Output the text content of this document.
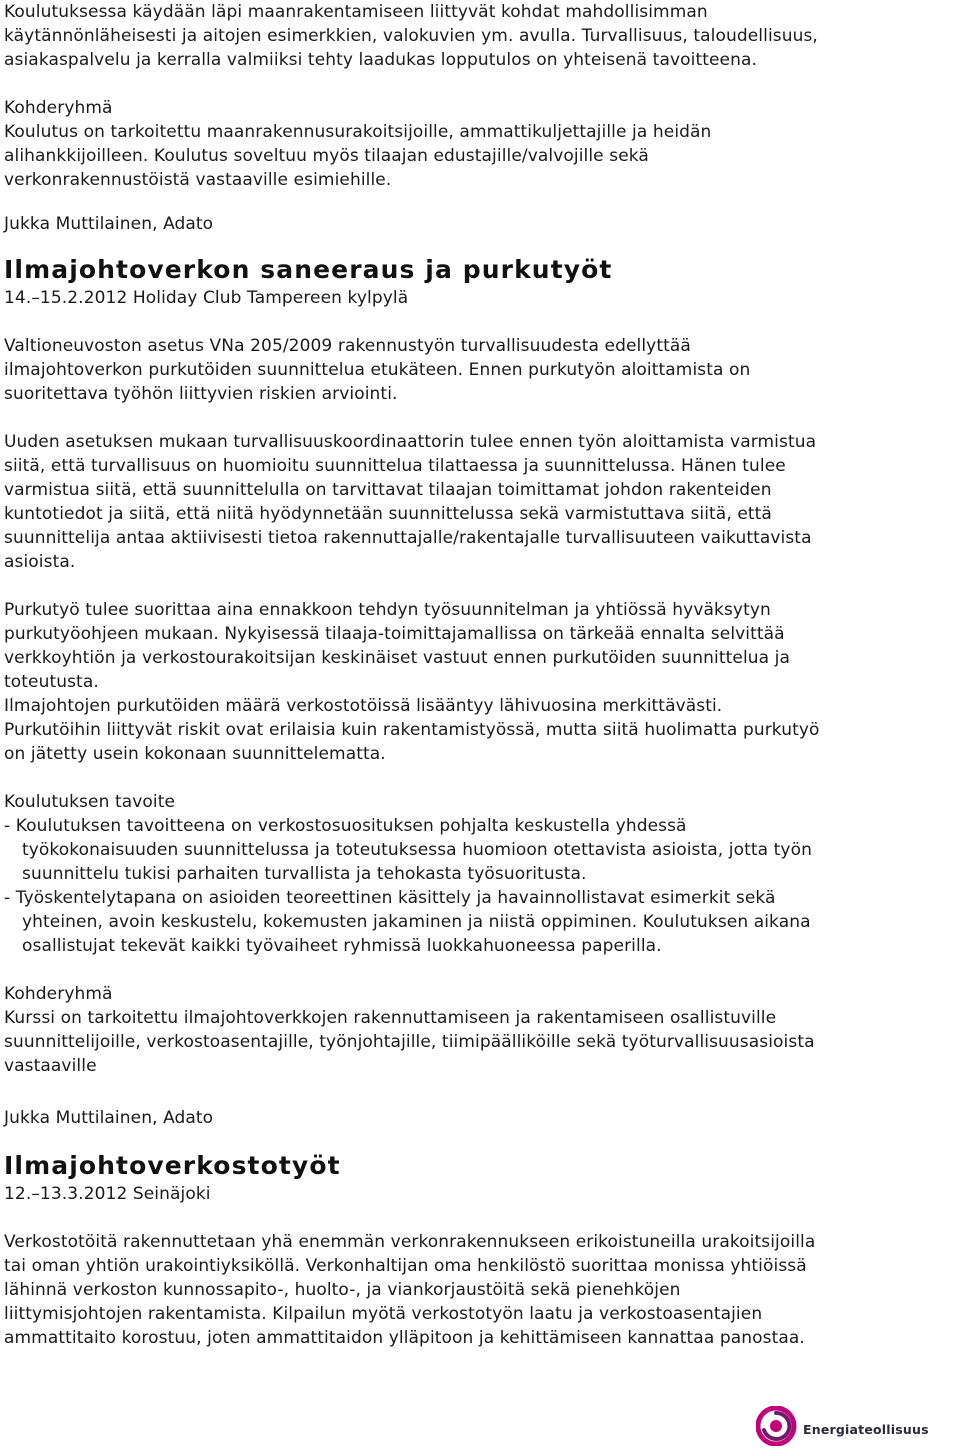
Koulutuksessa käydään läpi maanrakentamiseen liittyvät kohdat mahdollisimman
käytännönläheisesti ja aitojen esimerkkien, valokuvien ym. avulla. Turvallisuus, taloudellisuus,
asiakaspalvelu ja kerralla valmiiksi tehty laadukas lopputulos on yhteisenä tavoitteena.
Kohderyhmä
Koulutus on tarkoitettu maanrakennusurakoitsijoille, ammattikuljettajille ja heidän
alihankkijoilleen. Koulutus soveltuu myös tilaajan edustajille/valvojille sekä
verkonrakennustöistä vastaaville esimiehille.
Jukka Muttilainen, Adato
Ilmajohtoverkon saneeraus ja purkutyöt
14.–15.2.2012 Holiday Club Tampereen kylpylä
Valtioneuvoston asetus VNa 205/2009 rakennustyön turvallisuudesta edellyttää
ilmajohtoverkon purkutöiden suunnittelua etukäteen. Ennen purkutyön aloittamista on
suoritettava työhön liittyvien riskien arviointi.
Uuden asetuksen mukaan turvallisuuskoordinaattorin tulee ennen työn aloittamista varmistua
siitä, että turvallisuus on huomioitu suunnittelua tilattaessa ja suunnittelussa. Hänen tulee
varmistua siitä, että suunnittelulla on tarvittavat tilaajan toimittamat johdon rakenteiden
kuntotiedot ja siitä, että niitä hyödynnetään suunnittelussa sekä varmistuttava siitä, että
suunnittelija antaa aktiivisesti tietoa rakennuttajalle/rakentajalle turvallisuuteen vaikuttavista
asioista.
Purkutyö tulee suorittaa aina ennakkoon tehdyn työsuunnitelman ja yhtiössä hyväksytyn
purkutyöohjeen mukaan. Nykyisessä tilaaja-toimittajamallissa on tärkeää ennalta selvittää
verkkoyhtiön ja verkostourakoitsijan keskinäiset vastuut ennen purkutöiden suunnittelua ja
toteutusta.
Ilmajohtojen purkutöiden määrä verkostotöissä lisääntyy lähivuosina merkittävästi.
Purkutöihin liittyvät riskit ovat erilaisia kuin rakentamistyössä, mutta siitä huolimatta purkutyö
on jätetty usein kokonaan suunnittelematta.
Koulutuksen tavoite
- Koulutuksen tavoitteena on verkostosuosituksen pohjalta keskustella yhdessä
työkokonaisuuden suunnittelussa ja toteutuksessa huomioon otettavista asioista, jotta työn
suunnittelu tukisi parhaiten turvallista ja tehokasta työsuoritusta.
- Työskentelytapana on asioiden teoreettinen käsittely ja havainnollistavat esimerkit sekä
yhteinen, avoin keskustelu, kokemusten jakaminen ja niistä oppiminen. Koulutuksen aikana
osallistujat tekevät kaikki työvaiheet ryhmissä luokkahuoneessa paperilla.
Kohderyhmä
Kurssi on tarkoitettu ilmajohtoverkkojen rakennuttamiseen ja rakentamiseen osallistuville
suunnittelijoille, verkostoasentajille, työnjohtajille, tiimipäälliköille sekä työturvallisuusasioista
vastaaville
Jukka Muttilainen, Adato
Ilmajohtoverkostotyöt
12.–13.3.2012 Seinäjoki
Verkostotöitä rakennuttetaan yhä enemmän verkonrakennukseen erikoistuneilla urakoitsijoilla
tai oman yhtiön urakointiyksiköllä. Verkonhaltijan oma henkilöstö suorittaa monissa yhtiöissä
lähinnä verkoston kunnossapito-, huolto-, ja viankorjaustöitä sekä pienehköjen
liittymisjohtojen rakentamista. Kilpailun myötä verkostotyön laatu ja verkostoasentajien
ammattitaito korostuu, joten ammattitaidon ylläpitoon ja kehittämiseen kannattaa panostaa.
Energiateollisuus
